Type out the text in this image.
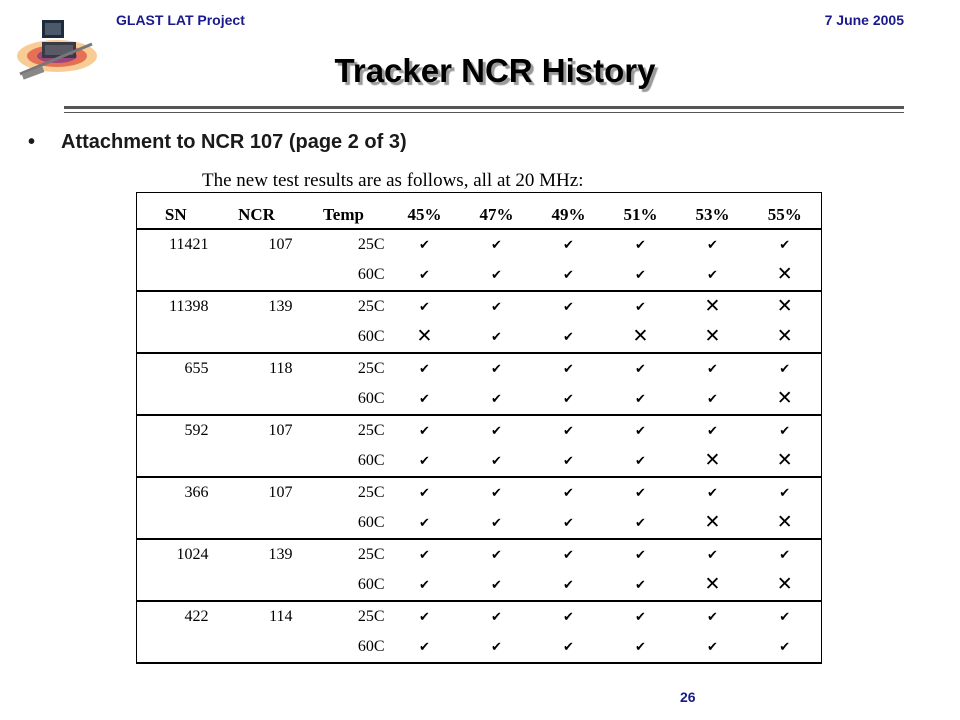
GLAST LAT Project	7 June 2005
Tracker NCR History
• Attachment to NCR 107 (page 2 of 3)
The new test results are as follows, all at 20 MHz:
SN	NCR	Temp	45%	47%	49%	51%	53%	55%
11421	107	25C	✔	✔	✔	✔	✔	✔
		60C	✔	✔	✔	✔	✔	✕
11398	139	25C	✔	✔	✔	✔	✕	✕
		60C	✕	✔	✔	✕	✕	✕
655	118	25C	✔	✔	✔	✔	✔	✔
		60C	✔	✔	✔	✔	✔	✕
592	107	25C	✔	✔	✔	✔	✔	✔
		60C	✔	✔	✔	✔	✕	✕
366	107	25C	✔	✔	✔	✔	✔	✔
		60C	✔	✔	✔	✔	✕	✕
1024	139	25C	✔	✔	✔	✔	✔	✔
		60C	✔	✔	✔	✔	✕	✕
422	114	25C	✔	✔	✔	✔	✔	✔
		60C	✔	✔	✔	✔	✔	✔
26
